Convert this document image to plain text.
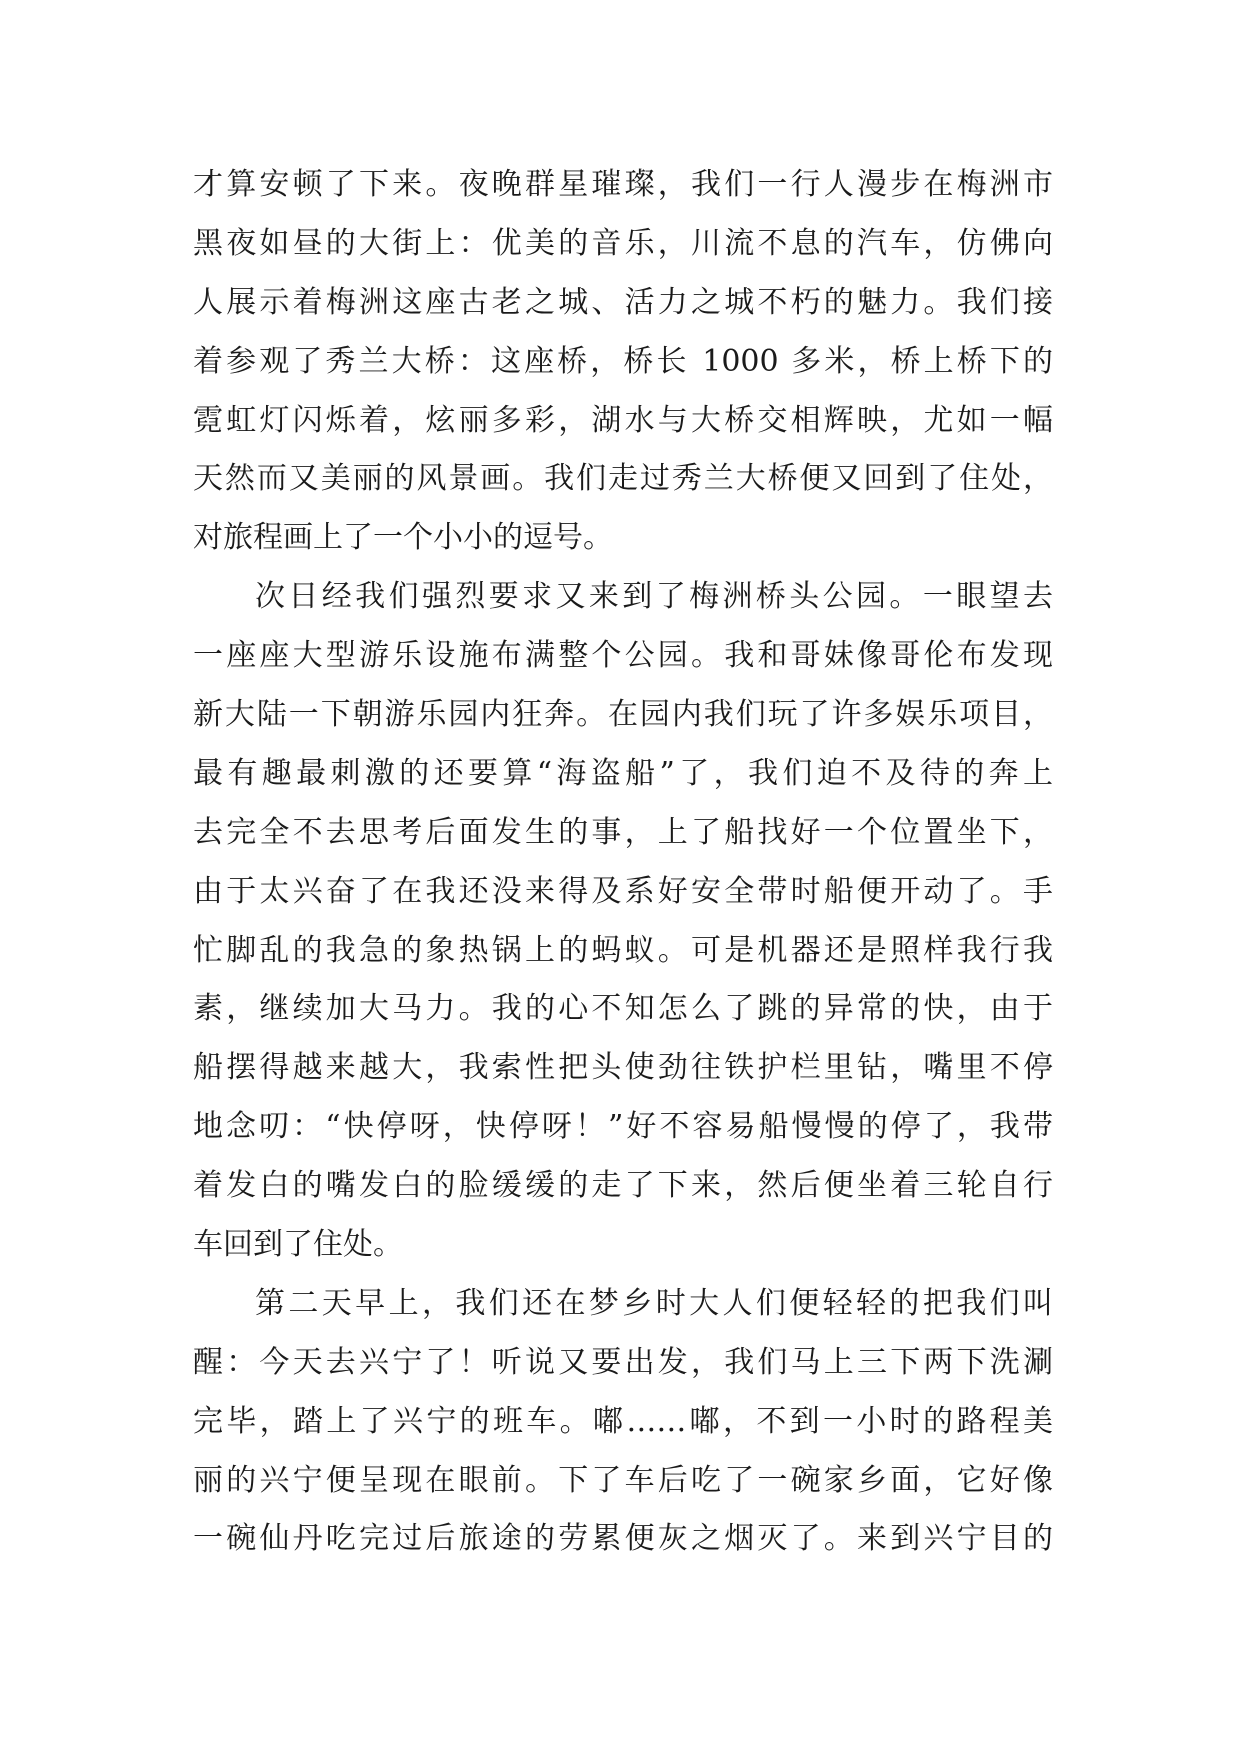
才算安顿了下来。夜晚群星璀璨，我们一行人漫步在梅洲市
黑夜如昼的大街上：优美的音乐，川流不息的汽车，仿佛向
人展示着梅洲这座古老之城、活力之城不朽的魅力。我们接
着参观了秀兰大桥：这座桥，桥长 1000 多米，桥上桥下的
霓虹灯闪烁着，炫丽多彩，湖水与大桥交相辉映，尤如一幅
天然而又美丽的风景画。我们走过秀兰大桥便又回到了住处，
对旅程画上了一个小小的逗号。
次日经我们强烈要求又来到了梅洲桥头公园。一眼望去
一座座大型游乐设施布满整个公园。我和哥妹像哥伦布发现
新大陆一下朝游乐园内狂奔。在园内我们玩了许多娱乐项目，
最有趣最刺激的还要算“海盗船”了，我们迫不及待的奔上
去完全不去思考后面发生的事，上了船找好一个位置坐下，
由于太兴奋了在我还没来得及系好安全带时船便开动了。手
忙脚乱的我急的象热锅上的蚂蚁。可是机器还是照样我行我
素，继续加大马力。我的心不知怎么了跳的异常的快，由于
船摆得越来越大，我索性把头使劲往铁护栏里钻，嘴里不停
地念叨：“快停呀，快停呀！”好不容易船慢慢的停了，我带
着发白的嘴发白的脸缓缓的走了下来，然后便坐着三轮自行
车回到了住处。
第二天早上，我们还在梦乡时大人们便轻轻的把我们叫
醒：今天去兴宁了！听说又要出发，我们马上三下两下洗涮
完毕，踏上了兴宁的班车。嘟……嘟，不到一小时的路程美
丽的兴宁便呈现在眼前。下了车后吃了一碗家乡面，它好像
一碗仙丹吃完过后旅途的劳累便灰之烟灭了。来到兴宁目的
